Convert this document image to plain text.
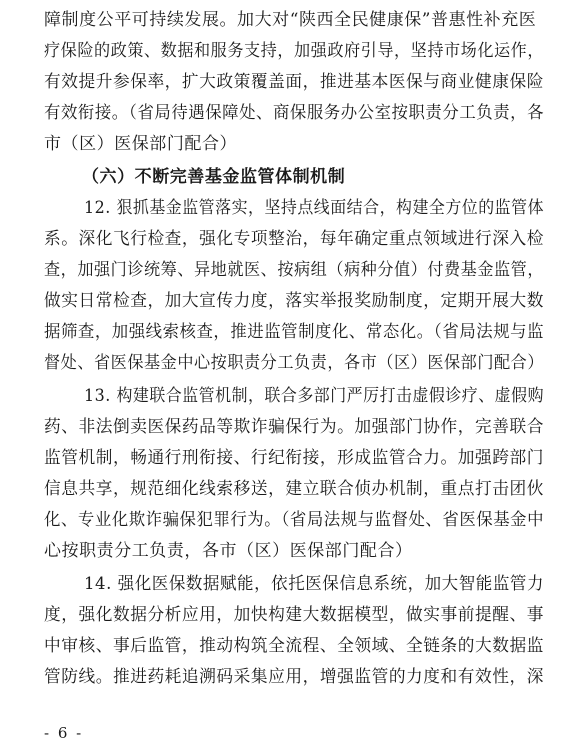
障制度公平可持续发展。加大对“陕西全民健康保”普惠性补充医
疗保险的政策、数据和服务支持，加强政府引导，坚持市场化运作，
有效提升参保率，扩大政策覆盖面，推进基本医保与商业健康保险
有效衔接。（省局待遇保障处、商保服务办公室按职责分工负责，各
市（区）医保部门配合）
（六）不断完善基金监管体制机制
12. 狠抓基金监管落实，坚持点线面结合，构建全方位的监管体
系。深化飞行检查，强化专项整治，每年确定重点领域进行深入检
查，加强门诊统筹、异地就医、按病组（病种分值）付费基金监管，
做实日常检查，加大宣传力度，落实举报奖励制度，定期开展大数
据筛查，加强线索核查，推进监管制度化、常态化。（省局法规与监
督处、省医保基金中心按职责分工负责，各市（区）医保部门配合）
13. 构建联合监管机制，联合多部门严厉打击虚假诊疗、虚假购
药、非法倒卖医保药品等欺诈骗保行为。加强部门协作，完善联合
监管机制，畅通行刑衔接、行纪衔接，形成监管合力。加强跨部门
信息共享，规范细化线索移送，建立联合侦办机制，重点打击团伙
化、专业化欺诈骗保犯罪行为。（省局法规与监督处、省医保基金中
心按职责分工负责，各市（区）医保部门配合）
14. 强化医保数据赋能，依托医保信息系统，加大智能监管力
度，强化数据分析应用，加快构建大数据模型，做实事前提醒、事
中审核、事后监管，推动构筑全流程、全领域、全链条的大数据监
管防线。推进药耗追溯码采集应用，增强监管的力度和有效性，深
- 6 -
